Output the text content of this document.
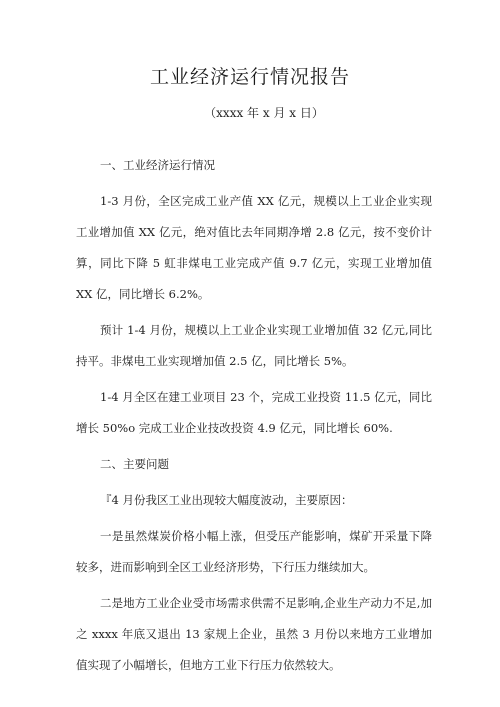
工业经济运行情况报告
（xxxx 年 x 月 x 日）

一、工业经济运行情况

1-3 月份，全区完成工业产值 XX 亿元，规模以上工业企业实现工业增加值 XX 亿元，绝对值比去年同期净增 2.8 亿元，按不变价计算，同比下降 5 虹非煤电工业完成产值 9.7 亿元，实现工业增加值 XX 亿，同比增长 6.2%。

预计 1-4 月份，规模以上工业企业实现工业增加值 32 亿元,同比持平。非煤电工业实现增加值 2.5 亿，同比增长 5%。

1-4 月全区在建工业项目 23 个，完成工业投资 11.5 亿元，同比增长 50%o 完成工业企业技改投资 4.9 亿元，同比增长 60%.

二、主要问题

『4 月份我区工业出现较大幅度波动，主要原因：

一是虽然煤炭价格小幅上涨，但受压产能影响，煤矿开采量下降较多，进而影响到全区工业经济形势，下行压力继续加大。

二是地方工业企业受市场需求供需不足影响,企业生产动力不足,加之 xxxx 年底又退出 13 家规上企业，虽然 3 月份以来地方工业增加值实现了小幅增长，但地方工业下行压力依然较大。
